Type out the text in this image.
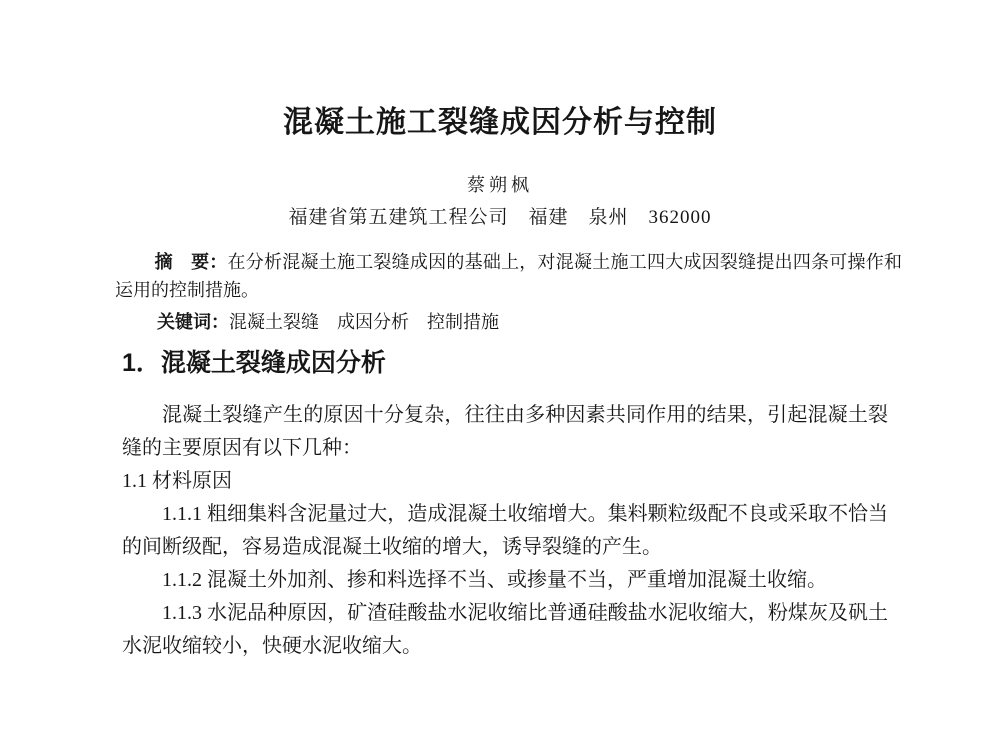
混凝土施工裂缝成因分析与控制
蔡朔枫
福建省第五建筑工程公司　福建　泉州　362000

摘　要：在分析混凝土施工裂缝成因的基础上，对混凝土施工四大成因裂缝提出四条可操作和运用的控制措施。

关键词：混凝土裂缝　成因分析　控制措施

1．混凝土裂缝成因分析

混凝土裂缝产生的原因十分复杂，往往由多种因素共同作用的结果，引起混凝土裂缝的主要原因有以下几种：

1.1 材料原因

1.1.1 粗细集料含泥量过大，造成混凝土收缩增大。集料颗粒级配不良或采取不恰当的间断级配，容易造成混凝土收缩的增大，诱导裂缝的产生。

1.1.2 混凝土外加剂、掺和料选择不当、或掺量不当，严重增加混凝土收缩。

1.1.3 水泥品种原因，矿渣硅酸盐水泥收缩比普通硅酸盐水泥收缩大，粉煤灰及矾土水泥收缩较小，快硬水泥收缩大。
